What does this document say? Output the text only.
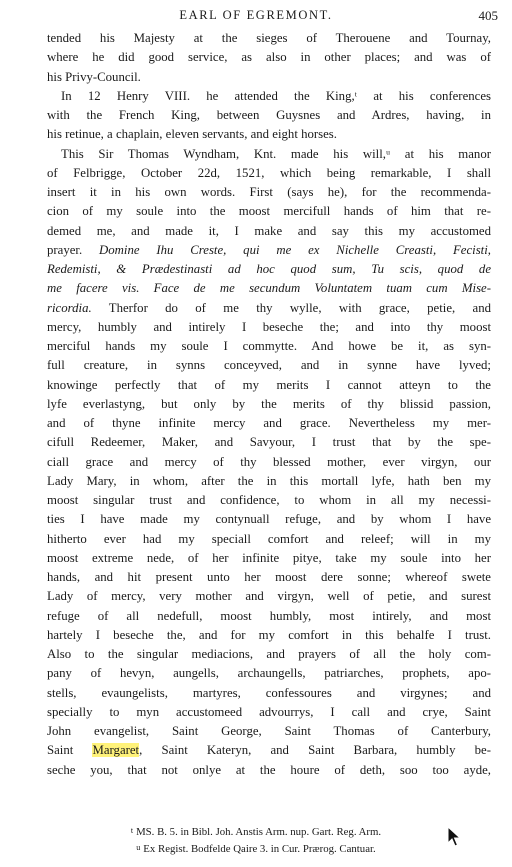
EARL OF EGREMONT.	405
tended his Majesty at the sieges of Therouene and Tournay,
where he did good service, as also in other places; and was of
his Privy-Council.
In 12 Henry VIII. he attended the King,ᵗ at his conferences
with the French King, between Guysnes and Ardres, having, in
his retinue, a chaplain, eleven servants, and eight horses.
This Sir Thomas Wyndham, Knt. made his will,ᵘ at his manor
of Felbrigge, October 22d, 1521, which being remarkable, I shall
insert it in his own words. First (says he), for the recommenda-
cion of my soule into the moost mercifull hands of him that re-
demed me, and made it, I make and say this my accustomed
prayer. Domine Ihu Creste, qui me ex Nichelle Creasti, Fecisti,
Redemisti, & Prædestinasti ad hoc quod sum, Tu scis, quod de
me facere vis. Face de me secundum Voluntatem tuam cum Mise-
ricordia. Therfor do of me thy wylle, with grace, petie, and
mercy, humbly and intirely I beseche the; and into thy moost
merciful hands my soule I commytte. And howe be it, as syn-
full creature, in synns conceyved, and in synne have lyved;
knowinge perfectly that of my merits I cannot atteyn to the
lyfe everlastyng, but only by the merits of thy blissid passion,
and of thyne infinite mercy and grace. Nevertheless my mer-
cifull Redeemer, Maker, and Savyour, I trust that by the spe-
ciall grace and mercy of thy blessed mother, ever virgyn, our
Lady Mary, in whom, after the in this mortall lyfe, hath ben my
moost singular trust and confidence, to whom in all my necessi-
ties I have made my contynuall refuge, and by whom I have
hitherto ever had my speciall comfort and releef; will in my
moost extreme nede, of her infinite pitye, take my soule into her
hands, and hit present unto her moost dere sonne; whereof swete
Lady of mercy, very mother and virgyn, well of petie, and surest
refuge of all nedefull, moost humbly, most intirely, and most
hartely I beseche the, and for my comfort in this behalfe I trust.
Also to the singular mediacions, and prayers of all the holy com-
pany of hevyn, aungells, archaungells, patriarches, prophets, apo-
stells, evaungelists, martyres, confessoures and virgynes; and
specially to myn accustomeed advourrys, I call and crye, Saint
John evangelist, Saint George, Saint Thomas of Canterbury,
Saint Margaret, Saint Kateryn, and Saint Barbara, humbly be-
seche you, that not onlye at the houre of deth, soo too ayde,
t MS. B. 5. in Bibl. Joh. Anstis Arm. nup. Gart. Reg. Arm.
u Ex Regist. Bodfelde Qaire 3. in Cur. Prærog. Cantuar.
